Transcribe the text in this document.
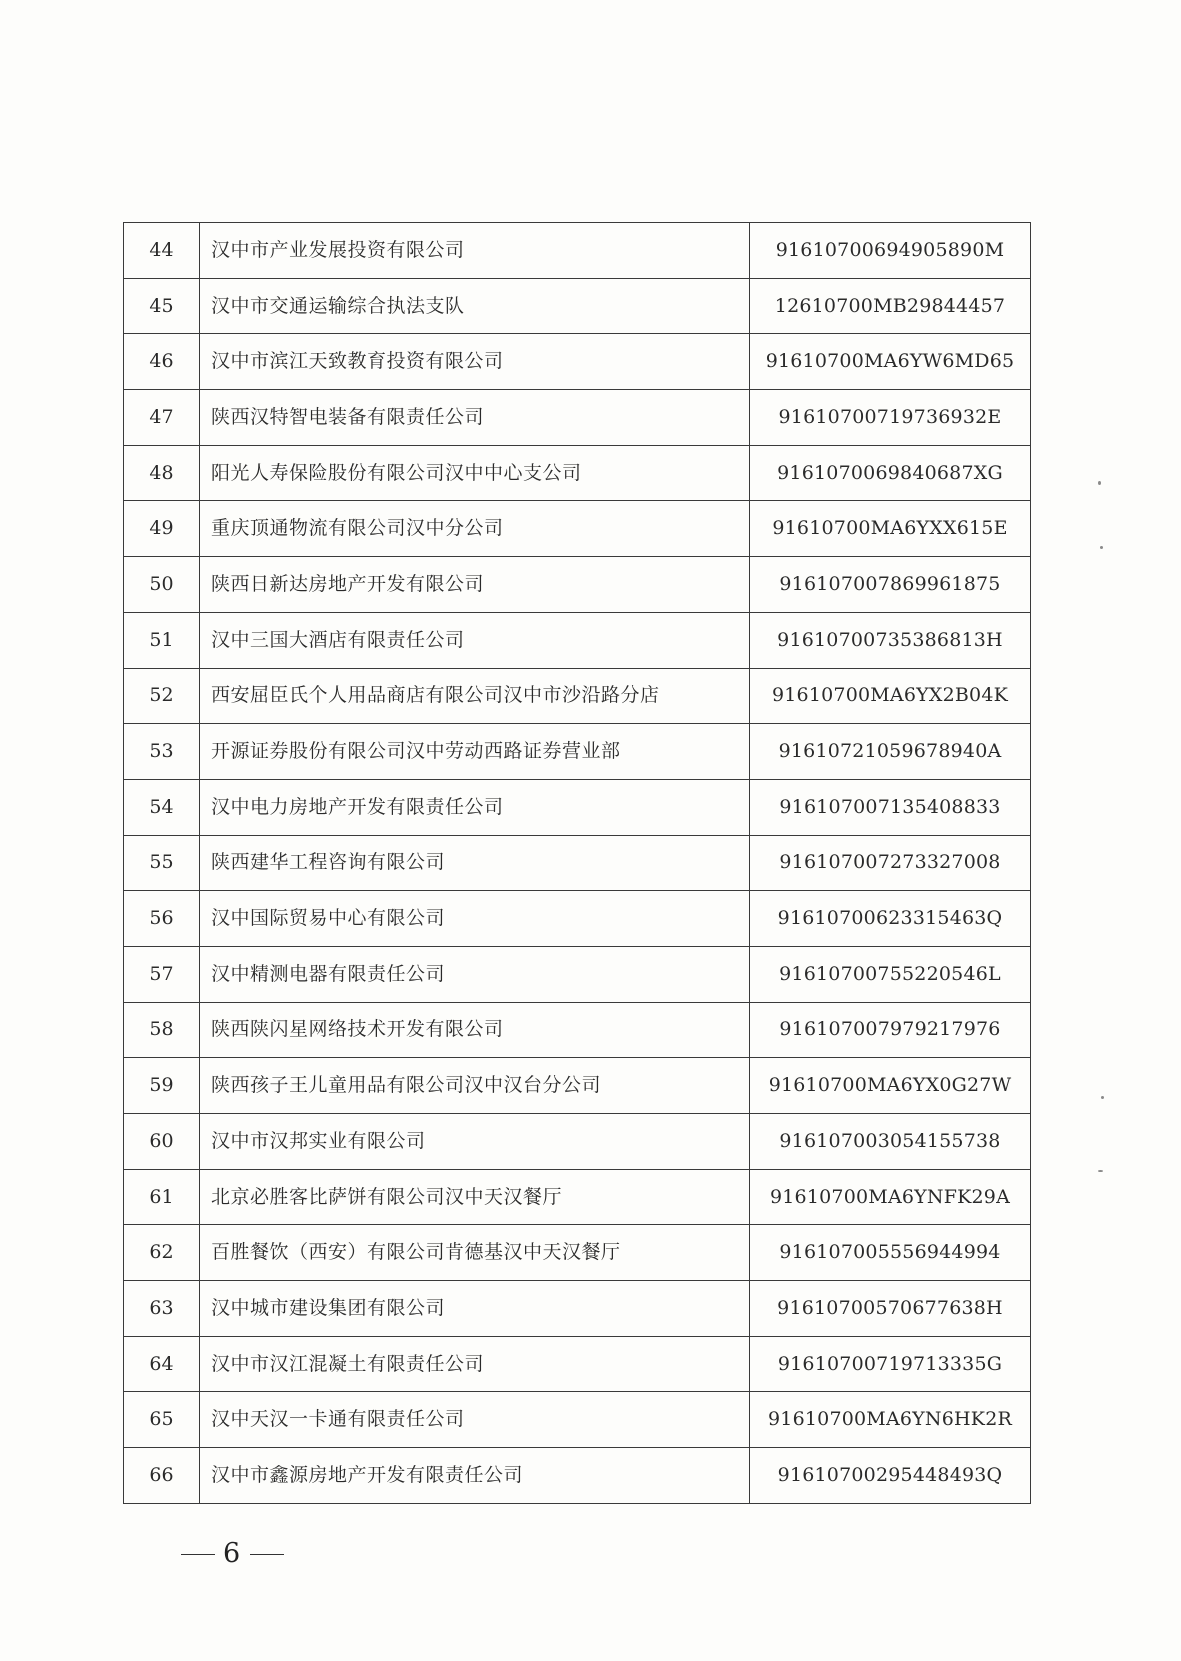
44	汉中市产业发展投资有限公司	91610700694905890M
45	汉中市交通运输综合执法支队	12610700MB29844457
46	汉中市滨江天致教育投资有限公司	91610700MA6YW6MD65
47	陕西汉特智电装备有限责任公司	91610700719736932E
48	阳光人寿保险股份有限公司汉中中心支公司	9161070069840687XG
49	重庆顶通物流有限公司汉中分公司	91610700MA6YXX615E
50	陕西日新达房地产开发有限公司	916107007869961875
51	汉中三国大酒店有限责任公司	91610700735386813H
52	西安屈臣氏个人用品商店有限公司汉中市沙沿路分店	91610700MA6YX2B04K
53	开源证券股份有限公司汉中劳动西路证券营业部	91610721059678940A
54	汉中电力房地产开发有限责任公司	916107007135408833
55	陕西建华工程咨询有限公司	916107007273327008
56	汉中国际贸易中心有限公司	91610700623315463Q
57	汉中精测电器有限责任公司	91610700755220546L
58	陕西陕闪星网络技术开发有限公司	916107007979217976
59	陕西孩子王儿童用品有限公司汉中汉台分公司	91610700MA6YX0G27W
60	汉中市汉邦实业有限公司	916107003054155738
61	北京必胜客比萨饼有限公司汉中天汉餐厅	91610700MA6YNFK29A
62	百胜餐饮（西安）有限公司肯德基汉中天汉餐厅	916107005556944994
63	汉中城市建设集团有限公司	91610700570677638H
64	汉中市汉江混凝土有限责任公司	91610700719713335G
65	汉中天汉一卡通有限责任公司	91610700MA6YN6HK2R
66	汉中市鑫源房地产开发有限责任公司	91610700295448493Q
6
